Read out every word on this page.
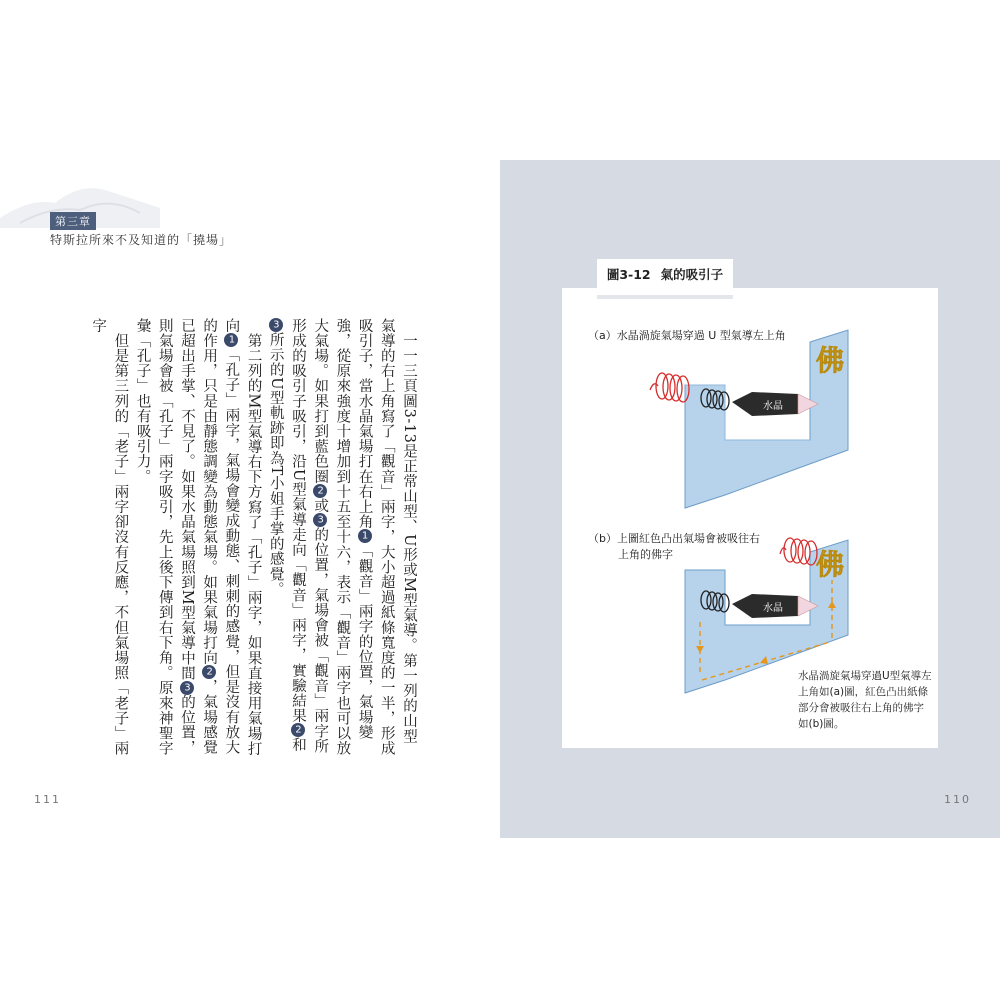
第三章
特斯拉所來不及知道的「撓場」

　一一三頁圖3-13是正常山型、U形或M型氣導。第一列的山型氣導的右上角寫了「觀音」兩字，大小超過紙條寬度的一半，形成吸引子，當水晶氣場打在右上角1「觀音」兩字的位置，氣場變強，從原來強度十增加到十五至十六，表示「觀音」兩字也可以放大氣場。如果打到藍色圈2或3的位置，氣場會被「觀音」兩字所形成的吸引子吸引，沿U型氣導走向「觀音」兩字，實驗結果2和3所示的U型軌跡即為T小姐手掌的感覺。

　第二列的M型氣導右下方寫了「孔子」兩字，如果直接用氣場打向1「孔子」兩字，氣場會變成動態、刺刺的感覺，但是沒有放大的作用，只是由靜態調變為動態氣場。如果氣場打向2，氣場感覺已超出手掌、不見了。如果水晶氣場照到M型氣導中間3的位置，則氣場會被「孔子」兩字吸引，先上後下傳到右下角。原來神聖字彙「孔子」也有吸引力。

　但是第三列的「老子」兩字卻沒有反應，不但氣場照「老子」兩字

111	110
圖3-12 氣的吸引子
（a）水晶渦旋氣場穿過 U 型氣導左上角
（b）上圖紅色凸出氣場會被吸往右
上角的佛字
水晶
佛
水晶
佛
水晶渦旋氣場穿過U型氣導左上角如(a)圖，紅色凸出紙條部分會被吸往右上角的佛字如(b)圖。
